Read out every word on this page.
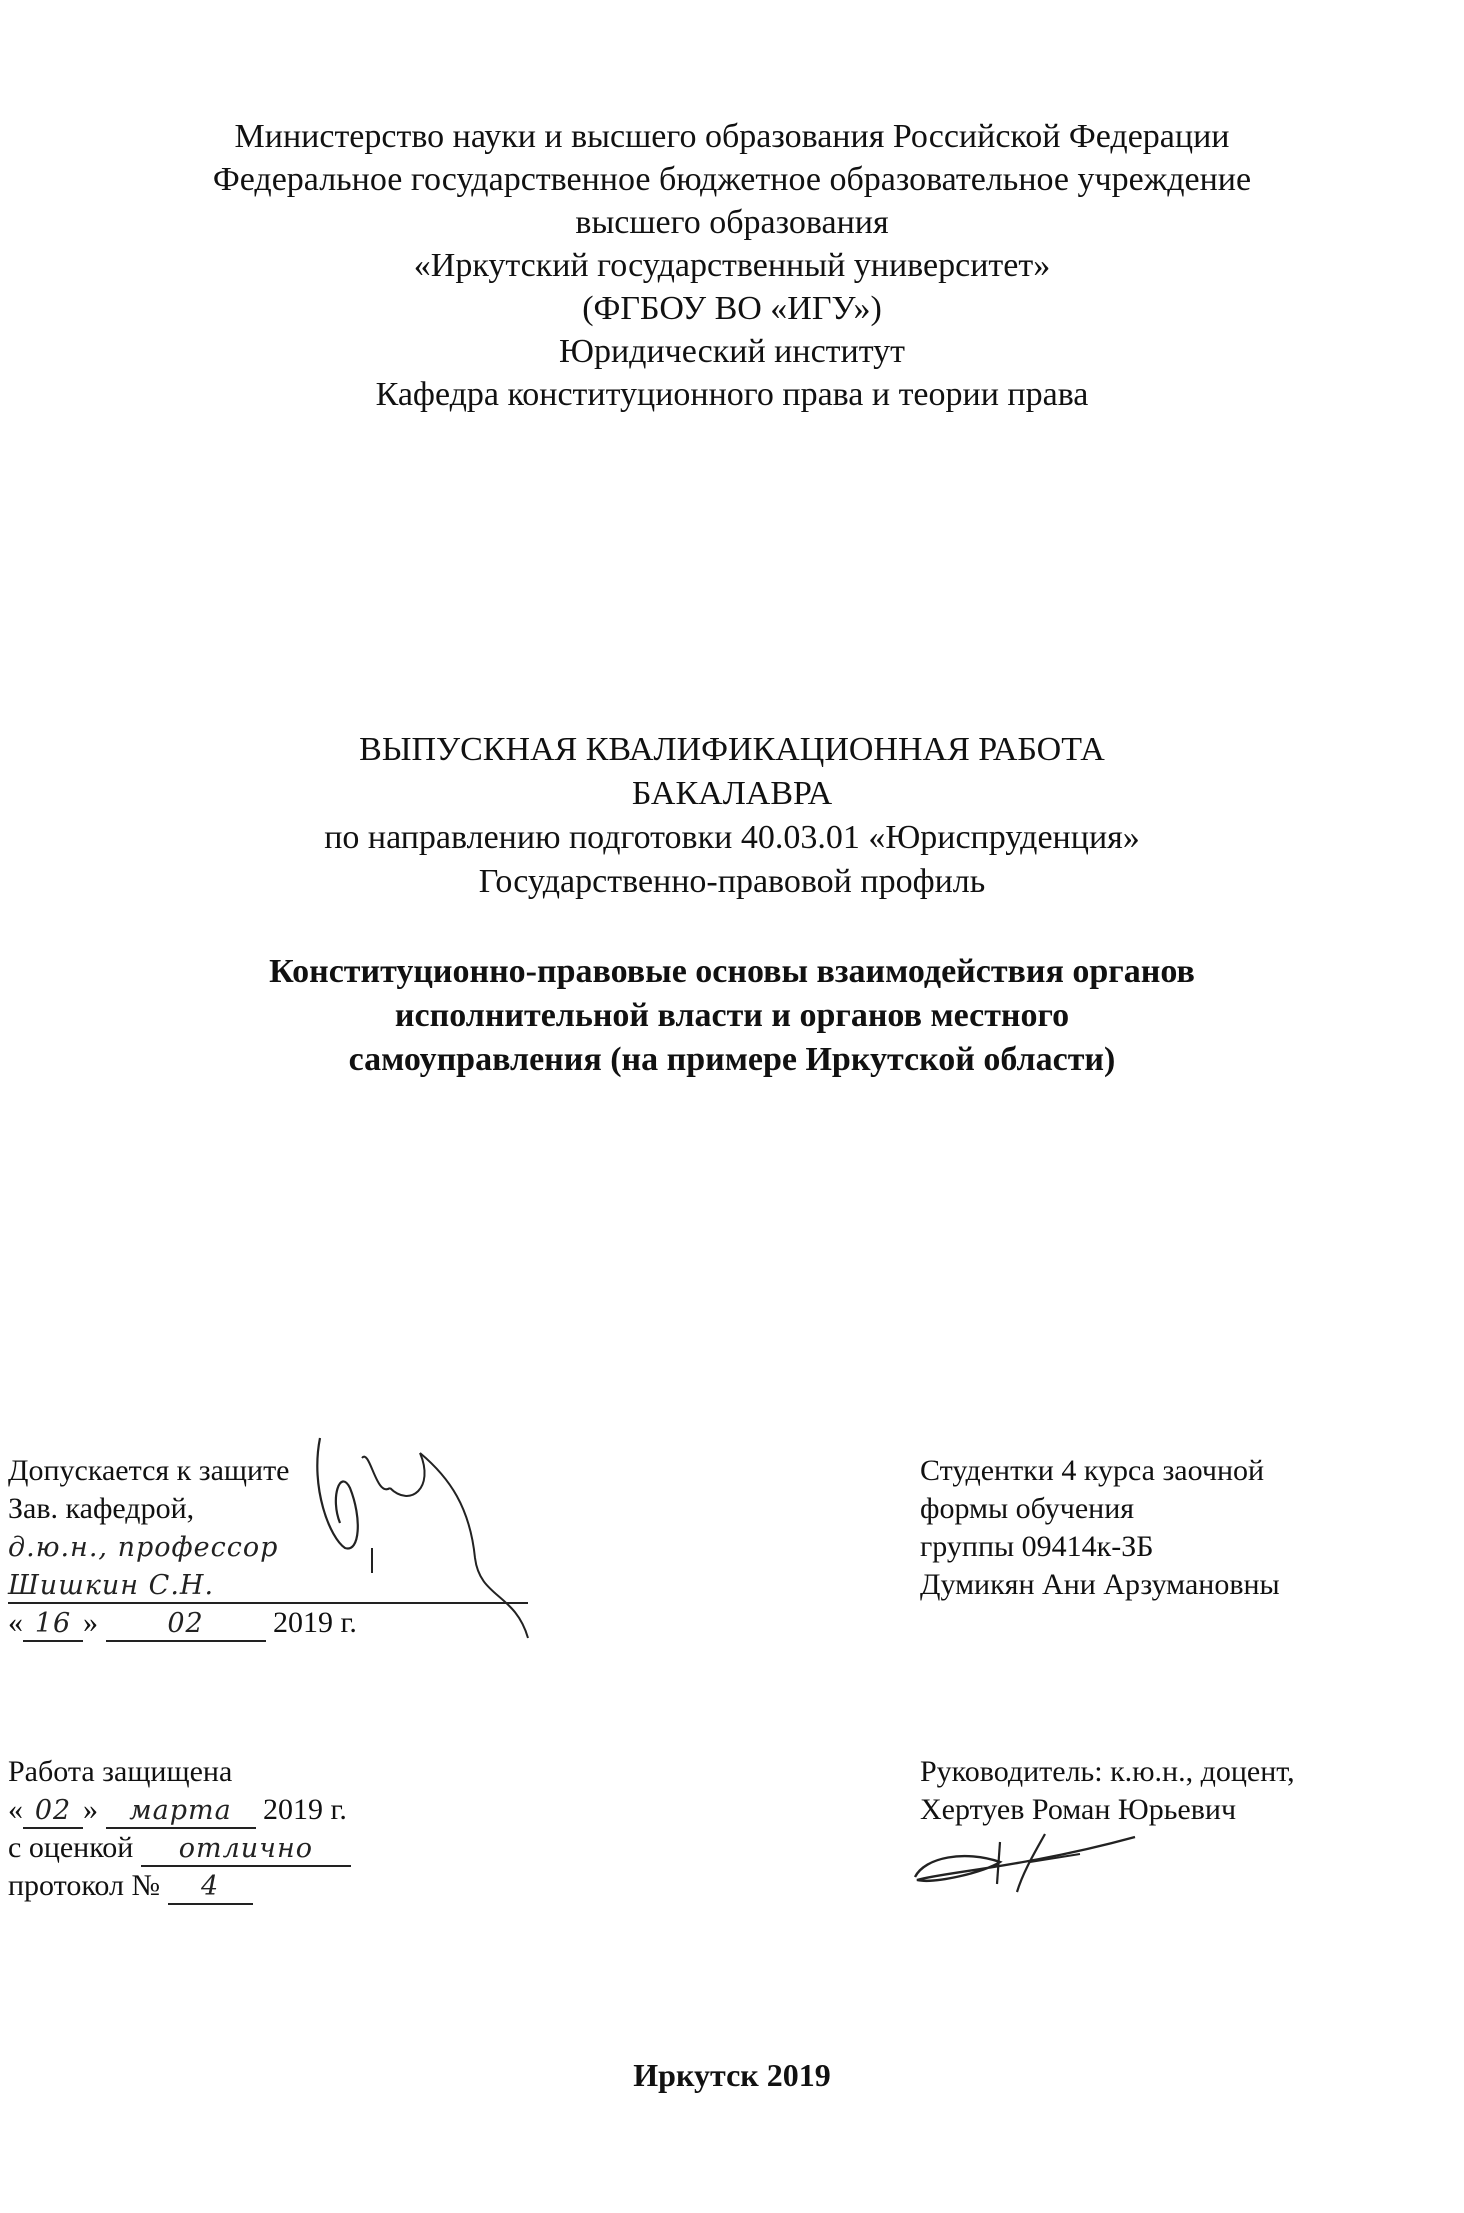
Министерство науки и высшего образования Российской Федерации
Федеральное государственное бюджетное образовательное учреждение
высшего образования
«Иркутский государственный университет»
(ФГБОУ ВО «ИГУ»)
Юридический институт
Кафедра конституционного права и теории права
ВЫПУСКНАЯ КВАЛИФИКАЦИОННАЯ РАБОТА
БАКАЛАВРА
по направлению подготовки 40.03.01 «Юриспруденция»
Государственно-правовой профиль
Конституционно-правовые основы взаимодействия органов
исполнительной власти и органов местного
самоуправления (на примере Иркутской области)
Допускается к защите
Зав. кафедрой,
д.ю.н., профессор
Шишкин С.Н.
« 16 »	02 2019 г.
Студентки 4 курса заочной
формы обучения
группы 09414к-ЗБ
Думикян Ани Арзумановны
Работа защищена
« 02 » марта 2019 г.
с оценкой отлично
протокол № 4
Руководитель: к.ю.н., доцент,
Хертуев Роман Юрьевич
Иркутск 2019
